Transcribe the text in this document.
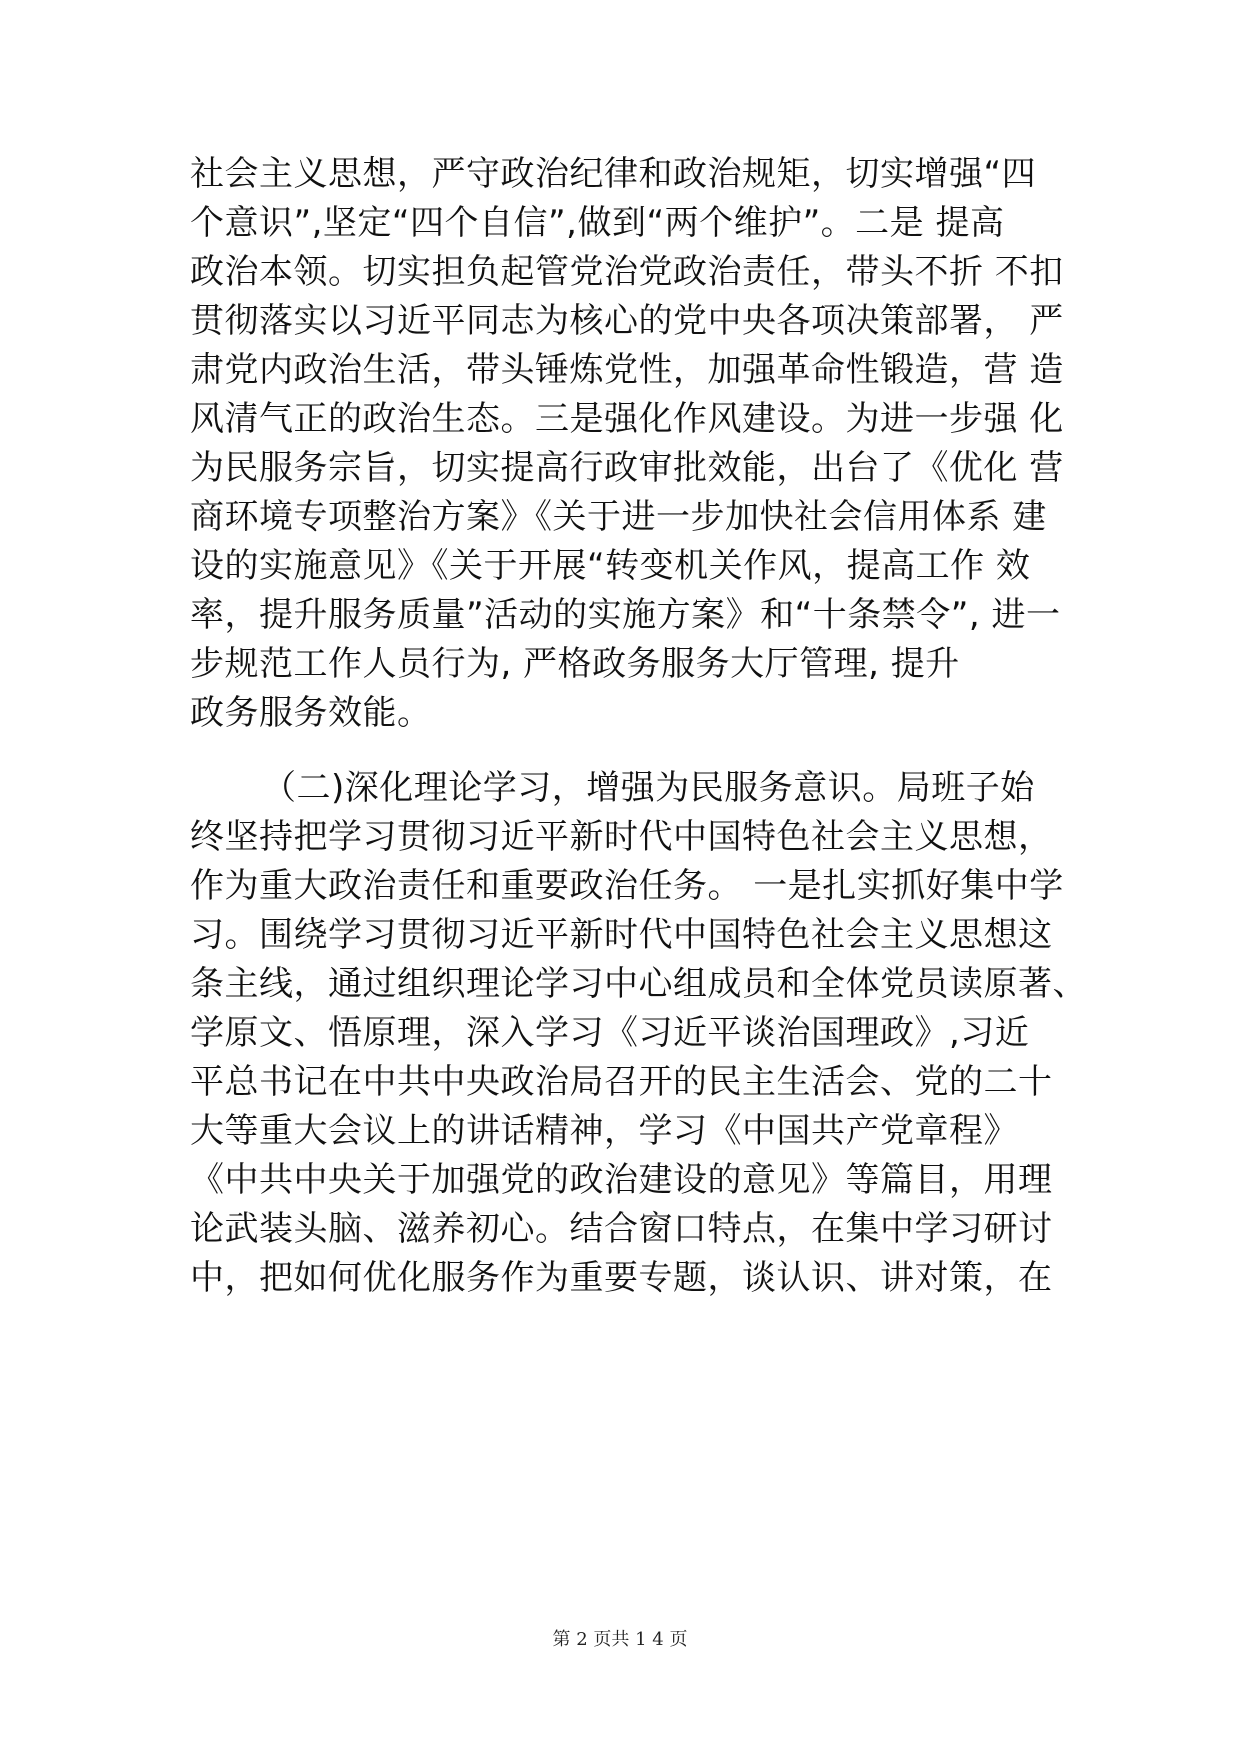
社会主义思想，严守政治纪律和政治规矩，切实增强“四
个意识”,坚定“四个自信”,做到“两个维护”。二是 提高
政治本领。切实担负起管党治党政治责任，带头不折 不扣
贯彻落实以习近平同志为核心的党中央各项决策部署， 严
肃党内政治生活，带头锤炼党性，加强革命性锻造，营 造
风清气正的政治生态。三是强化作风建设。为进一步强 化
为民服务宗旨，切实提高行政审批效能，出台了《优化 营
商环境专项整治方案》《关于进一步加快社会信用体系 建
设的实施意见》《关于开展“转变机关作风，提高工作 效
率，提升服务质量”活动的实施方案》和“十条禁令”, 进一
步规范工作人员行为, 严格政务服务大厅管理, 提升
政务服务效能。
（二)深化理论学习，增强为民服务意识。局班子始
终坚持把学习贯彻习近平新时代中国特色社会主义思想，
作为重大政治责任和重要政治任务。 一是扎实抓好集中学
习。围绕学习贯彻习近平新时代中国特色社会主义思想这
条主线，通过组织理论学习中心组成员和全体党员读原著、
学原文、悟原理，深入学习《习近平谈治国理政》,习近
平总书记在中共中央政治局召开的民主生活会、党的二十
大等重大会议上的讲话精神，学习《中国共产党章程》
《中共中央关于加强党的政治建设的意见》等篇目，用理
论武装头脑、滋养初心。结合窗口特点，在集中学习研讨
中，把如何优化服务作为重要专题，谈认识、讲对策，在
第 2 页共 1 4 页
